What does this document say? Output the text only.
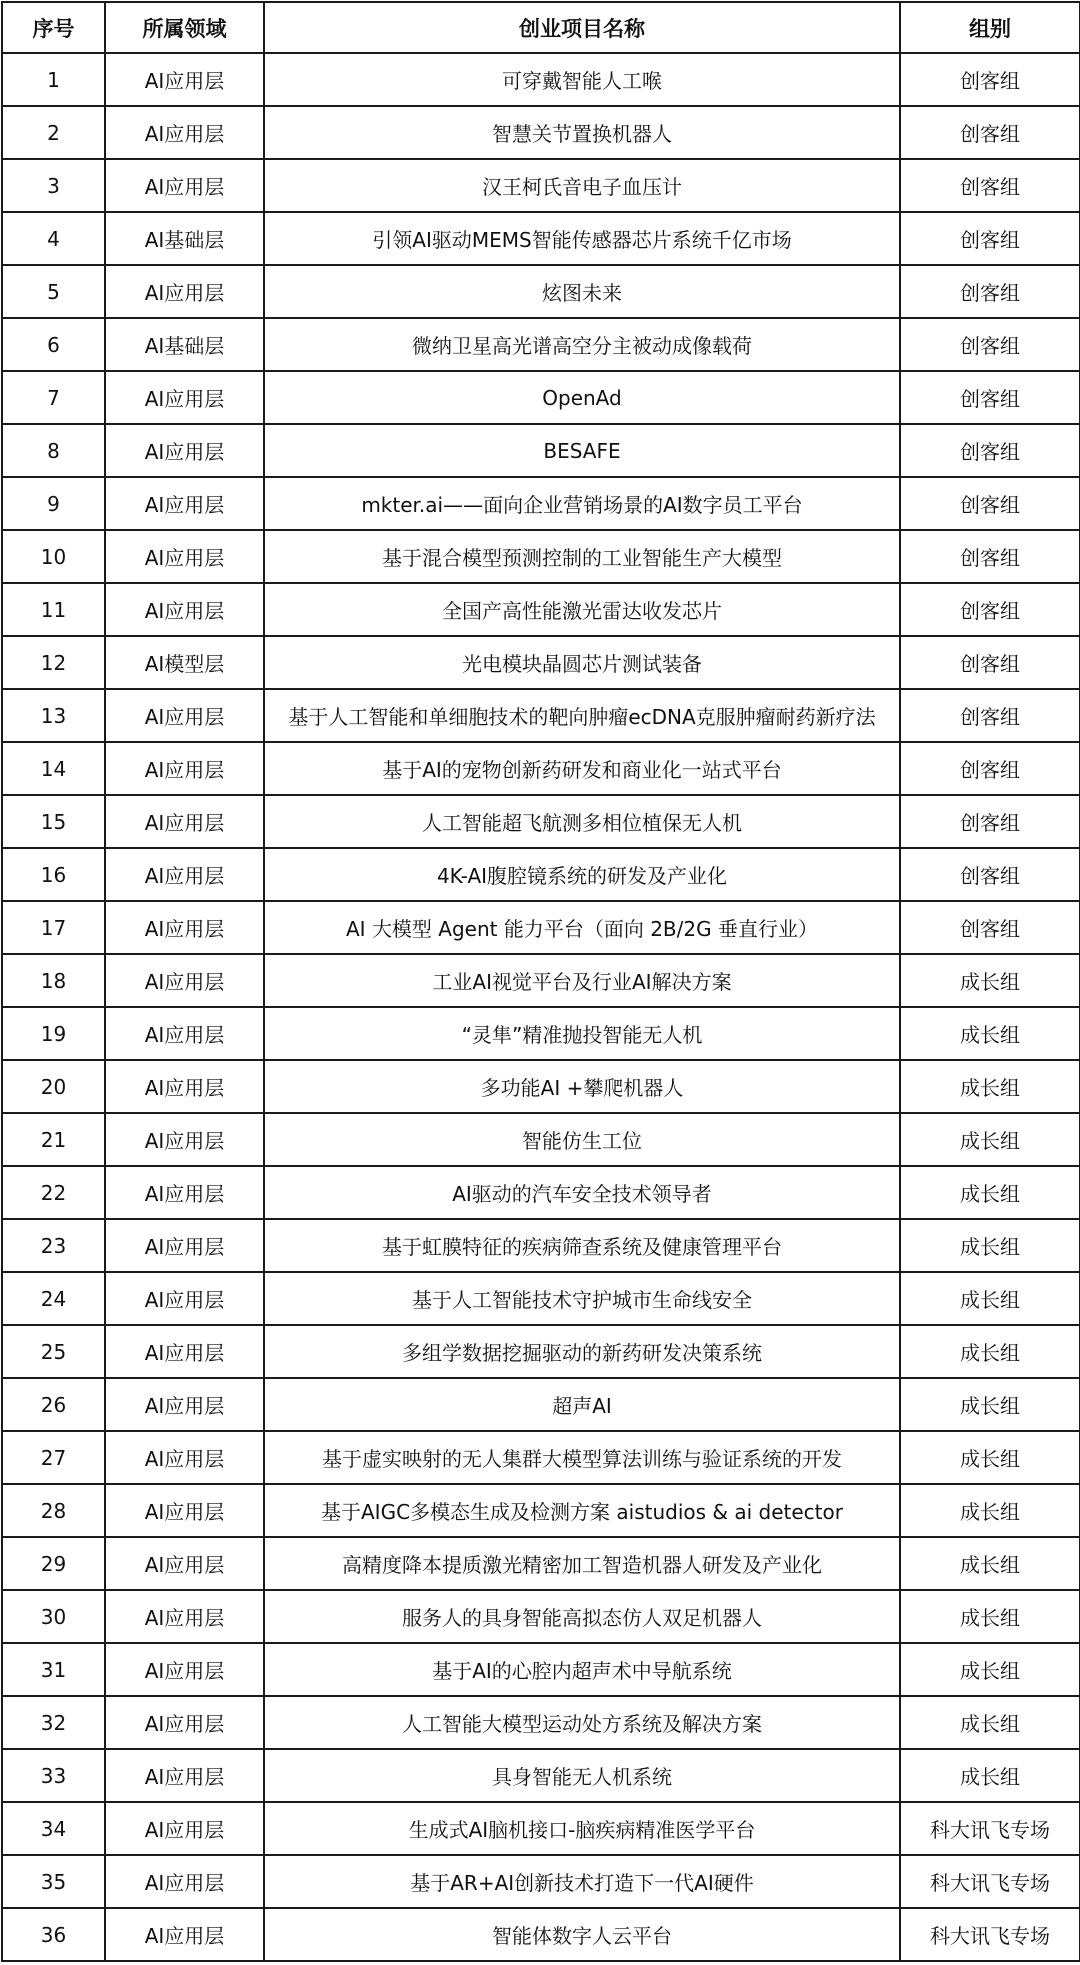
序号	所属领域	创业项目名称	组别
1	AI应用层	可穿戴智能人工喉	创客组
2	AI应用层	智慧关节置换机器人	创客组
3	AI应用层	汉王柯氏音电子血压计	创客组
4	AI基础层	引领AI驱动MEMS智能传感器芯片系统千亿市场	创客组
5	AI应用层	炫图未来	创客组
6	AI基础层	微纳卫星高光谱高空分主被动成像载荷	创客组
7	AI应用层	OpenAd	创客组
8	AI应用层	BESAFE	创客组
9	AI应用层	mkter.ai——面向企业营销场景的AI数字员工平台	创客组
10	AI应用层	基于混合模型预测控制的工业智能生产大模型	创客组
11	AI应用层	全国产高性能激光雷达收发芯片	创客组
12	AI模型层	光电模块晶圆芯片测试装备	创客组
13	AI应用层	基于人工智能和单细胞技术的靶向肿瘤ecDNA克服肿瘤耐药新疗法	创客组
14	AI应用层	基于AI的宠物创新药研发和商业化一站式平台	创客组
15	AI应用层	人工智能超飞航测多相位植保无人机	创客组
16	AI应用层	4K-AI腹腔镜系统的研发及产业化	创客组
17	AI应用层	AI 大模型 Agent 能力平台（面向 2B/2G 垂直行业）	创客组
18	AI应用层	工业AI视觉平台及行业AI解决方案	成长组
19	AI应用层	“灵隼”精准抛投智能无人机	成长组
20	AI应用层	多功能AI +攀爬机器人	成长组
21	AI应用层	智能仿生工位	成长组
22	AI应用层	AI驱动的汽车安全技术领导者	成长组
23	AI应用层	基于虹膜特征的疾病筛查系统及健康管理平台	成长组
24	AI应用层	基于人工智能技术守护城市生命线安全	成长组
25	AI应用层	多组学数据挖掘驱动的新药研发决策系统	成长组
26	AI应用层	超声AI	成长组
27	AI应用层	基于虚实映射的无人集群大模型算法训练与验证系统的开发	成长组
28	AI应用层	基于AIGC多模态生成及检测方案 aistudios & ai detector	成长组
29	AI应用层	高精度降本提质激光精密加工智造机器人研发及产业化	成长组
30	AI应用层	服务人的具身智能高拟态仿人双足机器人	成长组
31	AI应用层	基于AI的心腔内超声术中导航系统	成长组
32	AI应用层	人工智能大模型运动处方系统及解决方案	成长组
33	AI应用层	具身智能无人机系统	成长组
34	AI应用层	生成式AI脑机接口-脑疾病精准医学平台	科大讯飞专场
35	AI应用层	基于AR+AI创新技术打造下一代AI硬件	科大讯飞专场
36	AI应用层	智能体数字人云平台	科大讯飞专场
